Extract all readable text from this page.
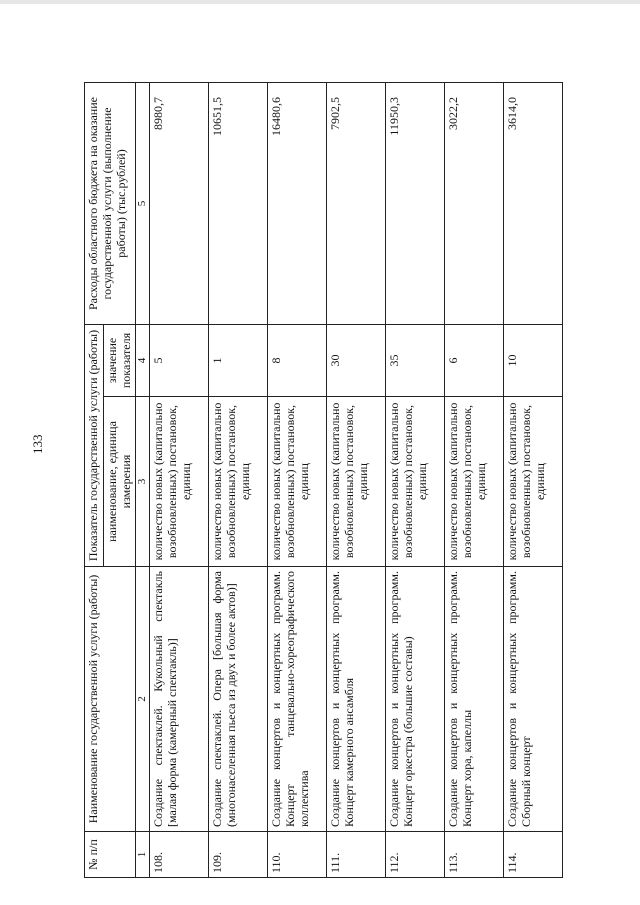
133
№ п/п	Наименование государственной услуги (работы)	Показатель государственной услуги (работы)		Расходы областного бюджета на оказание государственной услуги (выполнение работы) (тыс.рублей)
		наименование, единица измерения	значение показателя	
1	2	3	4	5
108.	Создание спектаклей. Кукольный спектакль [малая форма (камерный спектакль)]	количество новых (капитально возобновленных) постановок, единиц	5	8980,7
109.	Создание спектаклей. Опера [большая форма (многонаселенная пьеса из двух и более актов)]	количество новых (капитально возобновленных) постановок, единиц	1	10651,5
110.	Создание концертов и концертных программ. Концерт танцевально-хореографического коллектива	количество новых (капитально возобновленных) постановок, единиц	8	16480,6
111.	Создание концертов и концертных программ. Концерт камерного ансамбля	количество новых (капитально возобновленных) постановок, единиц	30	7902,5
112.	Создание концертов и концертных программ. Концерт оркестра (большие составы)	количество новых (капитально возобновленных) постановок, единиц	35	11950,3
113.	Создание концертов и концертных программ. Концерт хора, капеллы	количество новых (капитально возобновленных) постановок, единиц	6	3022,2
114.	Создание концертов и концертных программ. Сборный концерт	количество новых (капитально возобновленных) постановок, единиц	10	3614,0
